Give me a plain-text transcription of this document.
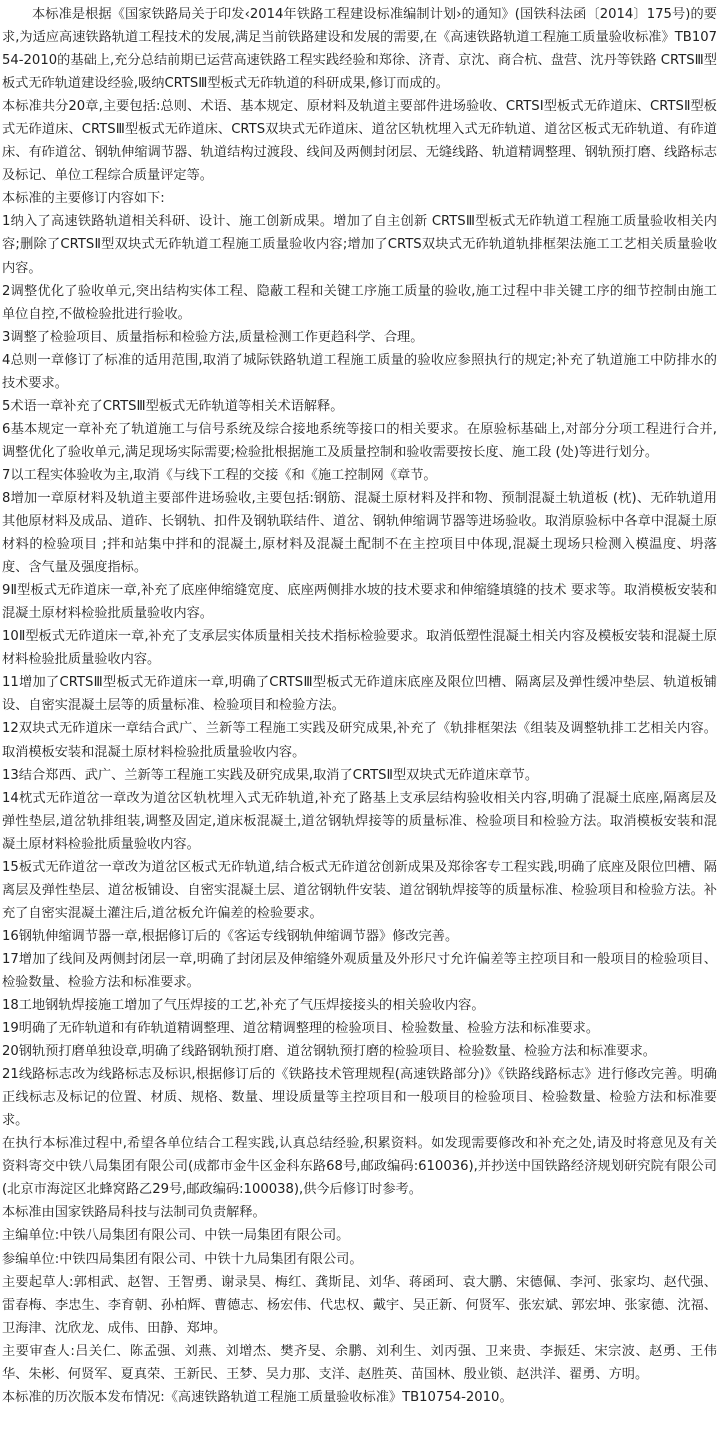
本标准是根据《国家铁路局关于印发‹2014年铁路工程建设标准编制计划›的通知》(国铁科法函〔2014〕175号)的要求,为适应高速铁路轨道工程技术的发展,满足当前铁路建设和发展的需要,在《高速铁路轨道工程施工质量验收标准》TB10754-2010的基础上,充分总结前期已运营高速铁路工程实践经验和郑徐、济青、京沈、商合杭、盘营、沈丹等铁路 CRTSⅢ型板式无砟轨道建设经验,吸纳CRTSⅢ型板式无砟轨道的科研成果,修订而成的。

本标准共分20章,主要包括:总则、术语、基本规定、原材料及轨道主要部件进场验收、CRTSⅠ型板式无砟道床、CRTSⅡ型板式无砟道床、CRTSⅢ型板式无砟道床、CRTS双块式无砟道床、道岔区轨枕埋入式无砟轨道、道岔区板式无砟轨道、有砟道床、有砟道岔、钢轨伸缩调节器、轨道结构过渡段、线间及两侧封闭层、无缝线路、轨道精调整理、钢轨预打磨、线路标志及标记、单位工程综合质量评定等。

本标准的主要修订内容如下:

1纳入了高速铁路轨道相关科研、设计、施工创新成果。增加了自主创新 CRTSⅢ型板式无砟轨道工程施工质量验收相关内容;删除了CRTSⅡ型双块式无砟轨道工程施工质量验收内容;增加了CRTS双块式无砟轨道轨排框架法施工工艺相关质量验收内容。

2调整优化了验收单元,突出结构实体工程、隐蔽工程和关键工序施工质量的验收,施工过程中非关键工序的细节控制由施工单位自控,不做检验批进行验收。

3调整了检验项目、质量指标和检验方法,质量检测工作更趋科学、合理。

4总则一章修订了标准的适用范围,取消了城际铁路轨道工程施工质量的验收应参照执行的规定;补充了轨道施工中防排水的技术要求。

5术语一章补充了CRTSⅢ型板式无砟轨道等相关术语解释。

6基本规定一章补充了轨道施工与信号系统及综合接地系统等接口的相关要求。在原验标基础上,对部分分项工程进行合并,调整优化了验收单元,满足现场实际需要;检验批根据施工及质量控制和验收需要按长度、施工段 (处)等进行划分。

7以工程实体验收为主,取消《与线下工程的交接《和《施工控制网《章节。

8增加一章原材料及轨道主要部件进场验收,主要包括:钢筋、混凝土原材料及拌和物、预制混凝土轨道板 (枕)、无砟轨道用其他原材料及成品、道砟、长钢轨、扣件及钢轨联结件、道岔、钢轨伸缩调节器等进场验收。取消原验标中各章中混凝土原材料的检验项目 ;拌和站集中拌和的混凝土,原材料及混凝土配制不在主控项目中体现,混凝土现场只检测入模温度、坍落度、含气量及强度指标。

9Ⅱ型板式无砟道床一章,补充了底座伸缩缝宽度、底座两侧排水坡的技术要求和伸缩缝填缝的技术 要求等。取消模板安装和混凝土原材料检验批质量验收内容。

10Ⅱ型板式无砟道床一章,补充了支承层实体质量相关技术指标检验要求。取消低塑性混凝土相关内容及模板安装和混凝土原材料检验批质量验收内容。

11增加了CRTSⅢ型板式无砟道床一章,明确了CRTSⅢ型板式无砟道床底座及限位凹槽、隔离层及弹性缓冲垫层、轨道板铺设、自密实混凝土层等的质量标准、检验项目和检验方法。

12双块式无砟道床一章结合武广、兰新等工程施工实践及研究成果,补充了《轨排框架法《组装及调整轨排工艺相关内容。取消模板安装和混凝土原材料检验批质量验收内容。

13结合郑西、武广、兰新等工程施工实践及研究成果,取消了CRTSⅡ型双块式无砟道床章节。

14枕式无砟道岔一章改为道岔区轨枕埋入式无砟轨道,补充了路基上支承层结构验收相关内容,明确了混凝土底座,隔离层及弹性垫层,道岔轨排组装,调整及固定,道床板混凝土,道岔钢轨焊接等的质量标准、检验项目和检验方法。取消模板安装和混凝土原材料检验批质量验收内容。

15板式无砟道岔一章改为道岔区板式无砟轨道,结合板式无砟道岔创新成果及郑徐客专工程实践,明确了底座及限位凹槽、隔离层及弹性垫层、道岔板铺设、自密实混凝土层、道岔钢轨件安装、道岔钢轨焊接等的质量标准、检验项目和检验方法。补充了自密实混凝土灌注后,道岔板允许偏差的检验要求。

16钢轨伸缩调节器一章,根据修订后的《客运专线钢轨伸缩调节器》修改完善。

17增加了线间及两侧封闭层一章,明确了封闭层及伸缩缝外观质量及外形尺寸允许偏差等主控项目和一般项目的检验项目、检验数量、检验方法和标准要求。

18工地钢轨焊接施工增加了气压焊接的工艺,补充了气压焊接接头的相关验收内容。

19明确了无砟轨道和有砟轨道精调整理、道岔精调整理的检验项目、检验数量、检验方法和标准要求。

20钢轨预打磨单独设章,明确了线路钢轨预打磨、道岔钢轨预打磨的检验项目、检验数量、检验方法和标准要求。

21线路标志改为线路标志及标识,根据修订后的《铁路技术管理规程(高速铁路部分)》《铁路线路标志》进行修改完善。明确正线标志及标记的位置、材质、规格、数量、埋设质量等主控项目和一般项目的检验项目、检验数量、检验方法和标准要求。

在执行本标准过程中,希望各单位结合工程实践,认真总结经验,积累资料。如发现需要修改和补充之处,请及时将意见及有关资料寄交中铁八局集团有限公司(成都市金牛区金科东路68号,邮政编码:610036),并抄送中国铁路经济规划研究院有限公司(北京市海淀区北蜂窝路乙29号,邮政编码:100038),供今后修订时参考。

本标准由国家铁路局科技与法制司负责解释。

主编单位:中铁八局集团有限公司、中铁一局集团有限公司。

参编单位:中铁四局集团有限公司、中铁十九局集团有限公司。

主要起草人:郭相武、赵智、王智勇、谢录昊、梅红、龚斯昆、刘华、蒋函珂、袁大鹏、宋德佩、李河、张家均、赵代强、雷春梅、李忠生、李育朝、孙柏辉、曹德志、杨宏伟、代忠权、戴宇、吴正新、何贤军、张宏斌、郭宏坤、张家德、沈福、卫海津、沈欣龙、成伟、田静、郑坤。

主要审查人:吕关仁、陈孟强、刘燕、刘增杰、樊齐旻、余鹏、刘利生、刘丙强、卫来贵、李振廷、宋宗波、赵勇、王伟华、朱彬、何贤军、夏真荣、王新民、王梦、吴力那、支洋、赵胜英、苗国林、殷业锁、赵洪洋、翟勇、方明。

本标准的历次版本发布情况:《高速铁路轨道工程施工质量验收标准》TB10754-2010。
